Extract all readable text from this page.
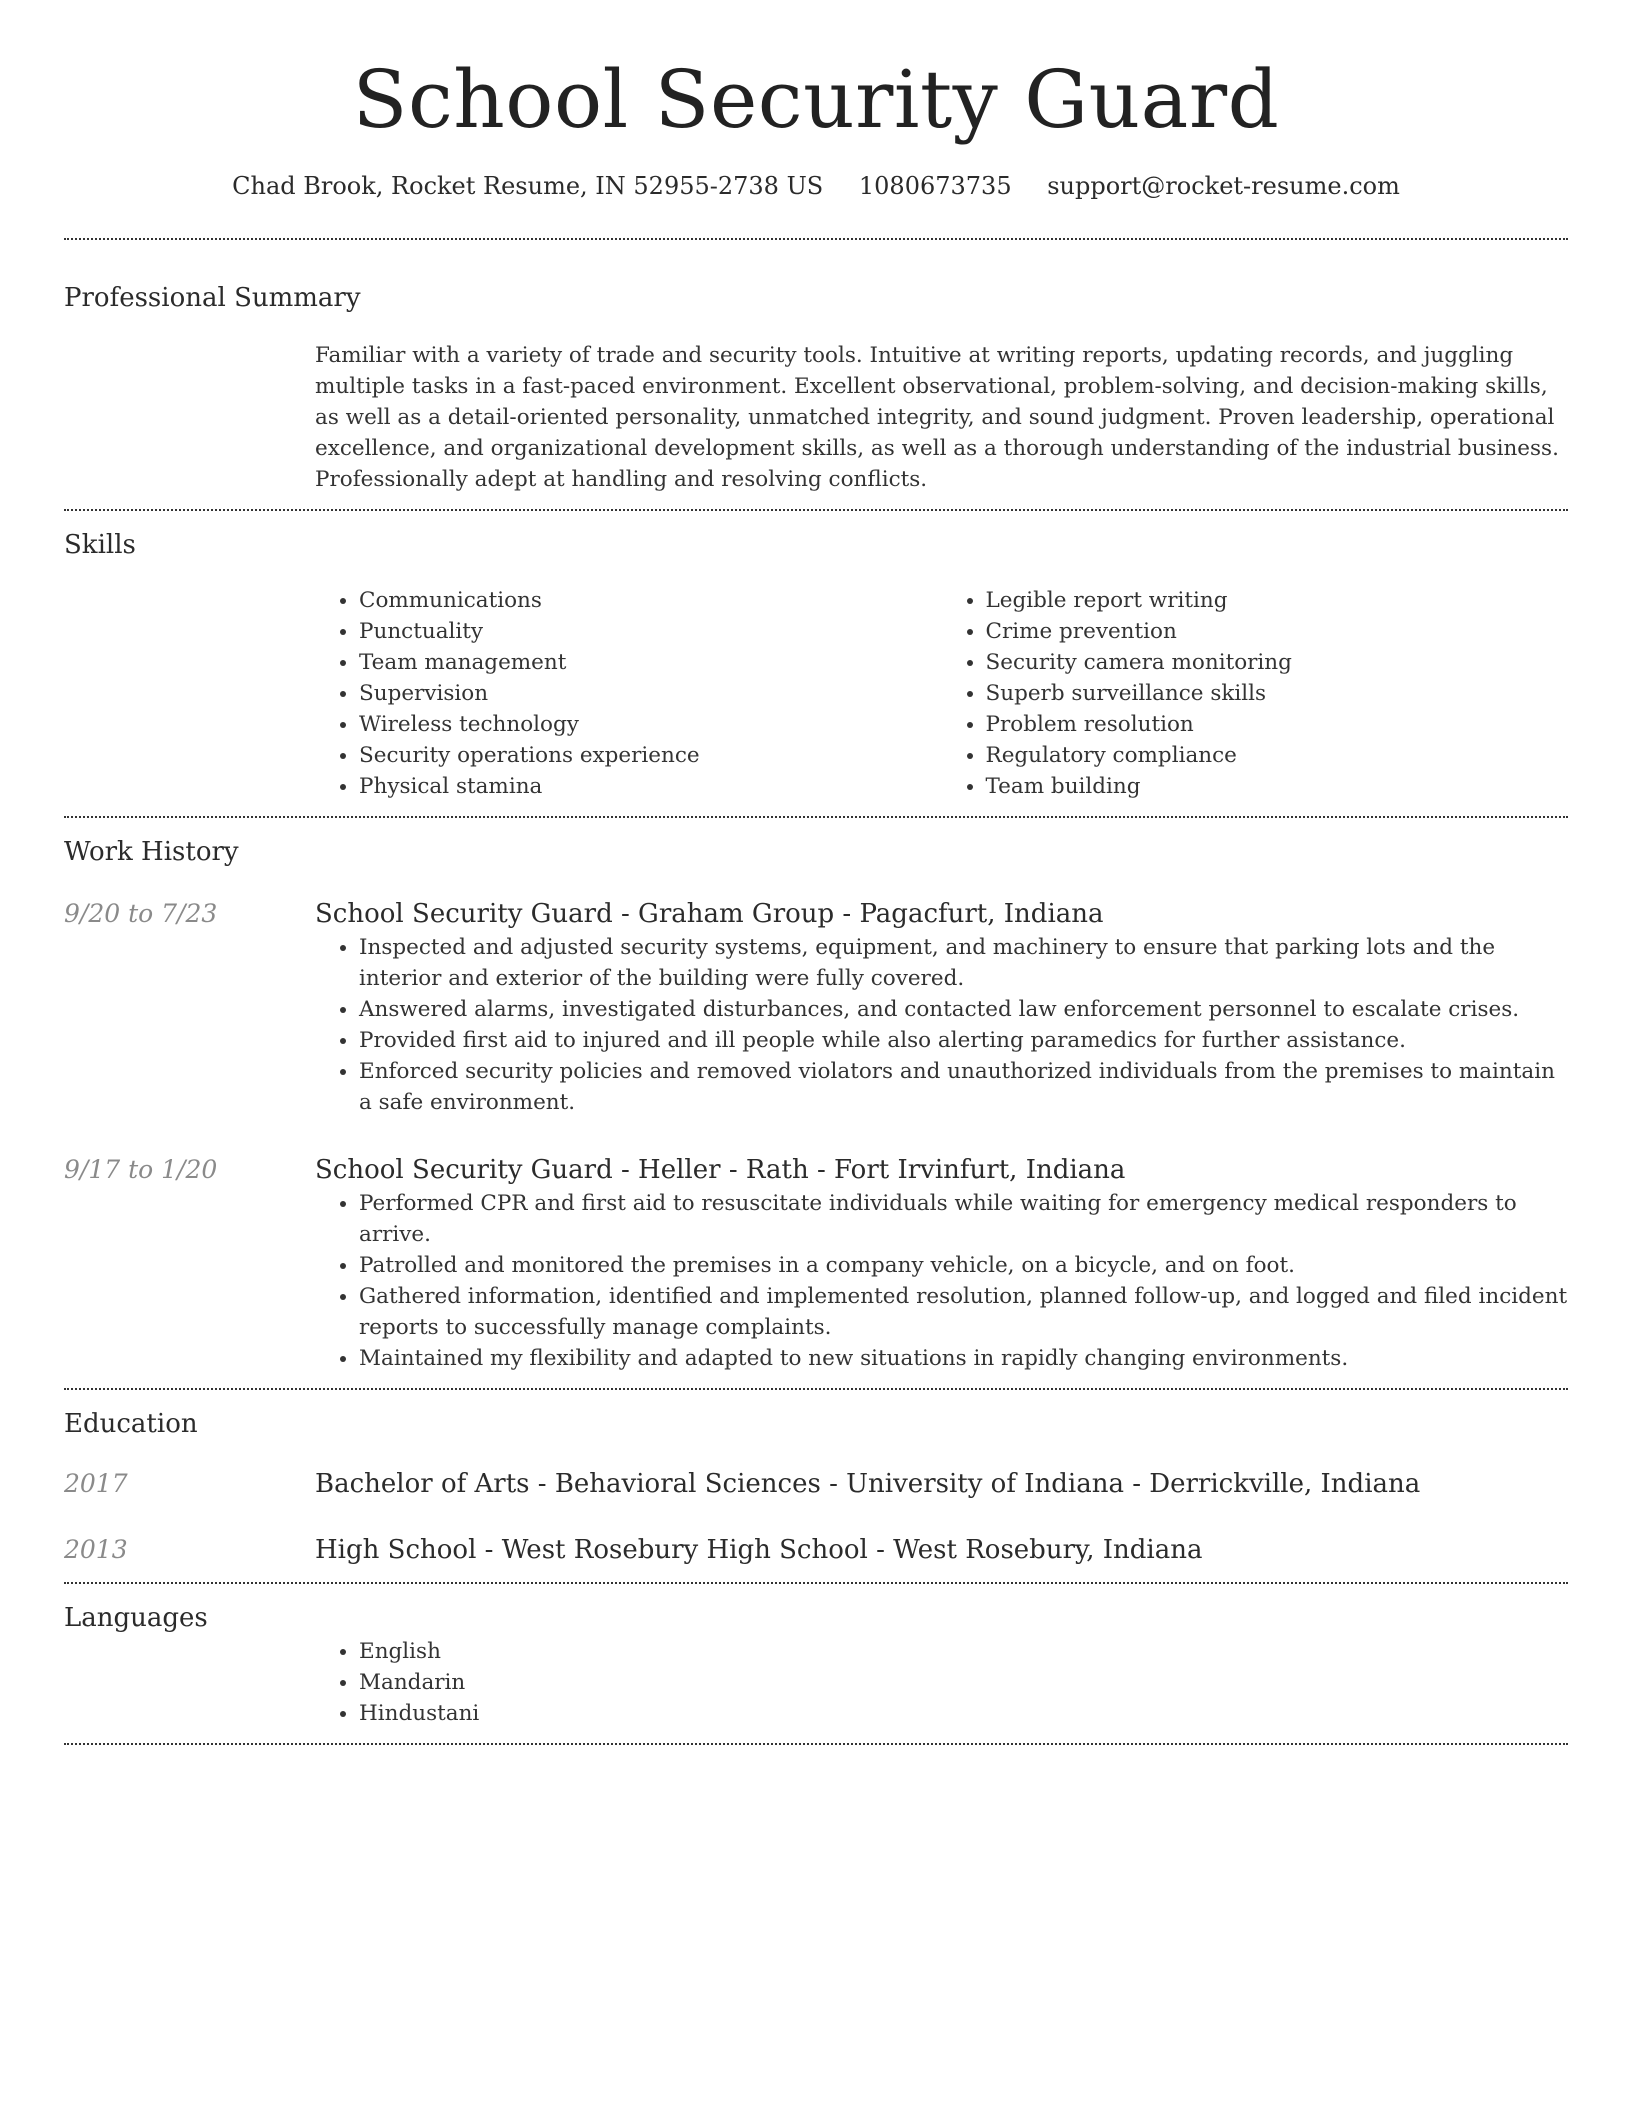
School Security Guard
Chad Brook, Rocket Resume, IN 52955-2738 US 1080673735 support@rocket-resume.com
Professional Summary

Familiar with a variety of trade and security tools. Intuitive at writing reports, updating records, and juggling multiple tasks in a fast-paced environment. Excellent observational, problem-solving, and decision-making skills, as well as a detail-oriented personality, unmatched integrity, and sound judgment. Proven leadership, operational excellence, and organizational development skills, as well as a thorough understanding of the industrial business. Professionally adept at handling and resolving conflicts.

Skills
• Communications
• Punctuality
• Team management
• Supervision
• Wireless technology
• Security operations experience
• Physical stamina
• Legible report writing
• Crime prevention
• Security camera monitoring
• Superb surveillance skills
• Problem resolution
• Regulatory compliance
• Team building
Work History
9/20 to 7/23	School Security Guard - Graham Group - Pagacfurt, Indiana
• Inspected and adjusted security systems, equipment, and machinery to ensure that parking lots and the interior and exterior of the building were fully covered.
• Answered alarms, investigated disturbances, and contacted law enforcement personnel to escalate crises.
• Provided first aid to injured and ill people while also alerting paramedics for further assistance.
• Enforced security policies and removed violators and unauthorized individuals from the premises to maintain a safe environment.
9/17 to 1/20	School Security Guard - Heller - Rath - Fort Irvinfurt, Indiana
• Performed CPR and first aid to resuscitate individuals while waiting for emergency medical responders to arrive.
• Patrolled and monitored the premises in a company vehicle, on a bicycle, and on foot.
• Gathered information, identified and implemented resolution, planned follow-up, and logged and filed incident reports to successfully manage complaints.
• Maintained my flexibility and adapted to new situations in rapidly changing environments.
Education
2017	Bachelor of Arts - Behavioral Sciences - University of Indiana - Derrickville, Indiana
2013	High School - West Rosebury High School - West Rosebury, Indiana
Languages
• English
• Mandarin
• Hindustani
